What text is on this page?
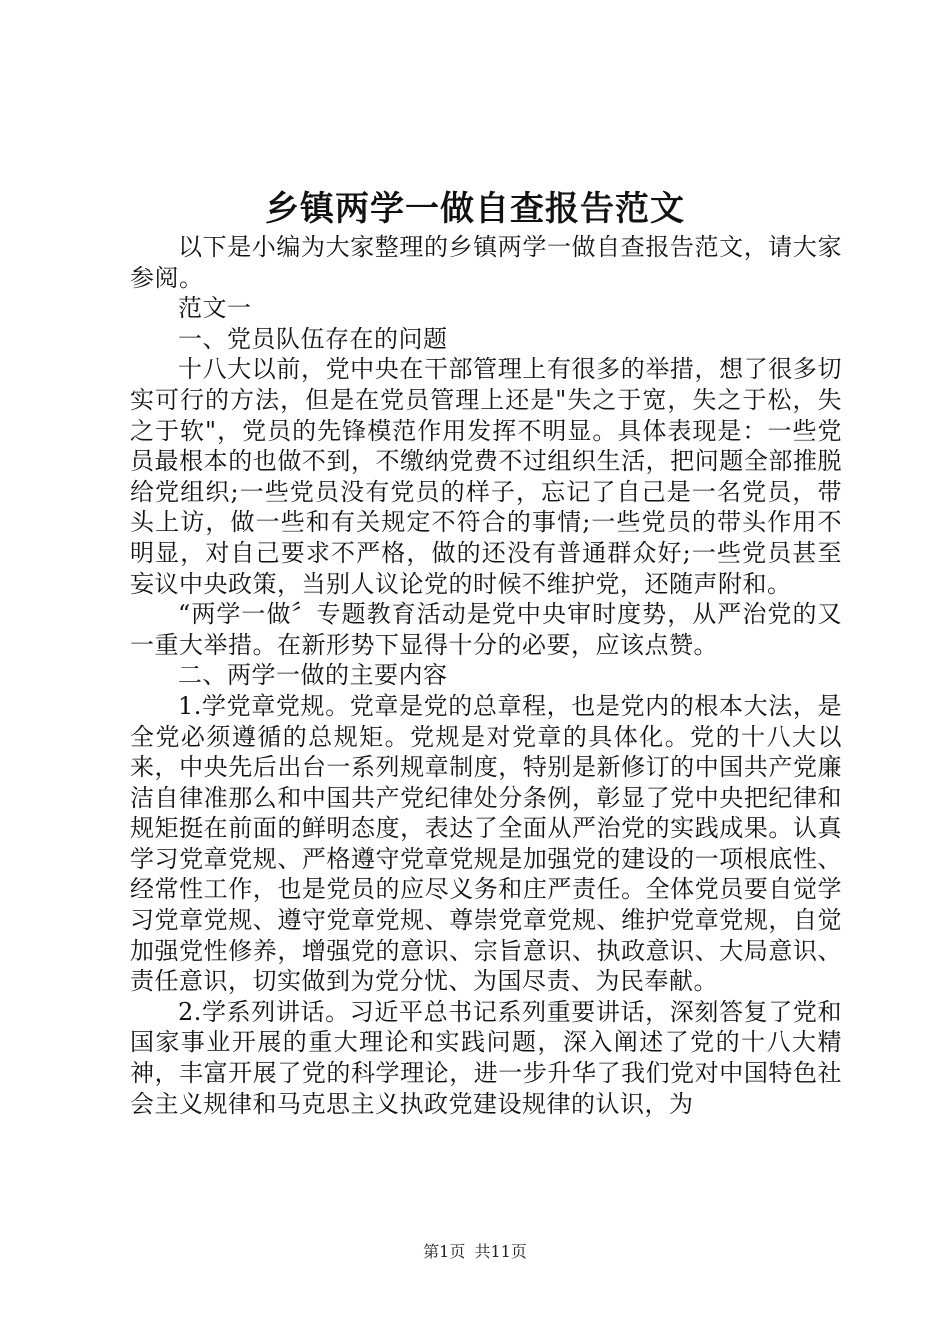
乡镇两学一做自查报告范文

以下是小编为大家整理的乡镇两学一做自查报告范文，请大家参阅。

范文一

一、党员队伍存在的问题

十八大以前，党中央在干部管理上有很多的举措，想了很多切实可行的方法，但是在党员管理上还是"失之于宽，失之于松，失之于软"，党员的先锋模范作用发挥不明显。具体表现是：一些党员最根本的也做不到，不缴纳党费不过组织生活，把问题全部推脱给党组织;一些党员没有党员的样子，忘记了自己是一名党员，带头上访，做一些和有关规定不符合的事情;一些党员的带头作用不明显，对自己要求不严格，做的还没有普通群众好;一些党员甚至妄议中央政策，当别人议论党的时候不维护党，还随声附和。

“两学一做〞专题教育活动是党中央审时度势，从严治党的又一重大举措。在新形势下显得十分的必要，应该点赞。

二、两学一做的主要内容

1.学党章党规。党章是党的总章程，也是党内的根本大法，是全党必须遵循的总规矩。党规是对党章的具体化。党的十八大以来，中央先后出台一系列规章制度，特别是新修订的中国共产党廉洁自律准那么和中国共产党纪律处分条例，彰显了党中央把纪律和规矩挺在前面的鲜明态度，表达了全面从严治党的实践成果。认真学习党章党规、严格遵守党章党规是加强党的建设的一项根底性、经常性工作，也是党员的应尽义务和庄严责任。全体党员要自觉学习党章党规、遵守党章党规、尊崇党章党规、维护党章党规，自觉加强党性修养，增强党的意识、宗旨意识、执政意识、大局意识、责任意识，切实做到为党分忧、为国尽责、为民奉献。

2.学系列讲话。习近平总书记系列重要讲话，深刻答复了党和国家事业开展的重大理论和实践问题，深入阐述了党的十八大精神，丰富开展了党的科学理论，进一步升华了我们党对中国特色社会主义规律和马克思主义执政党建设规律的认识，为

第1页 共11页
